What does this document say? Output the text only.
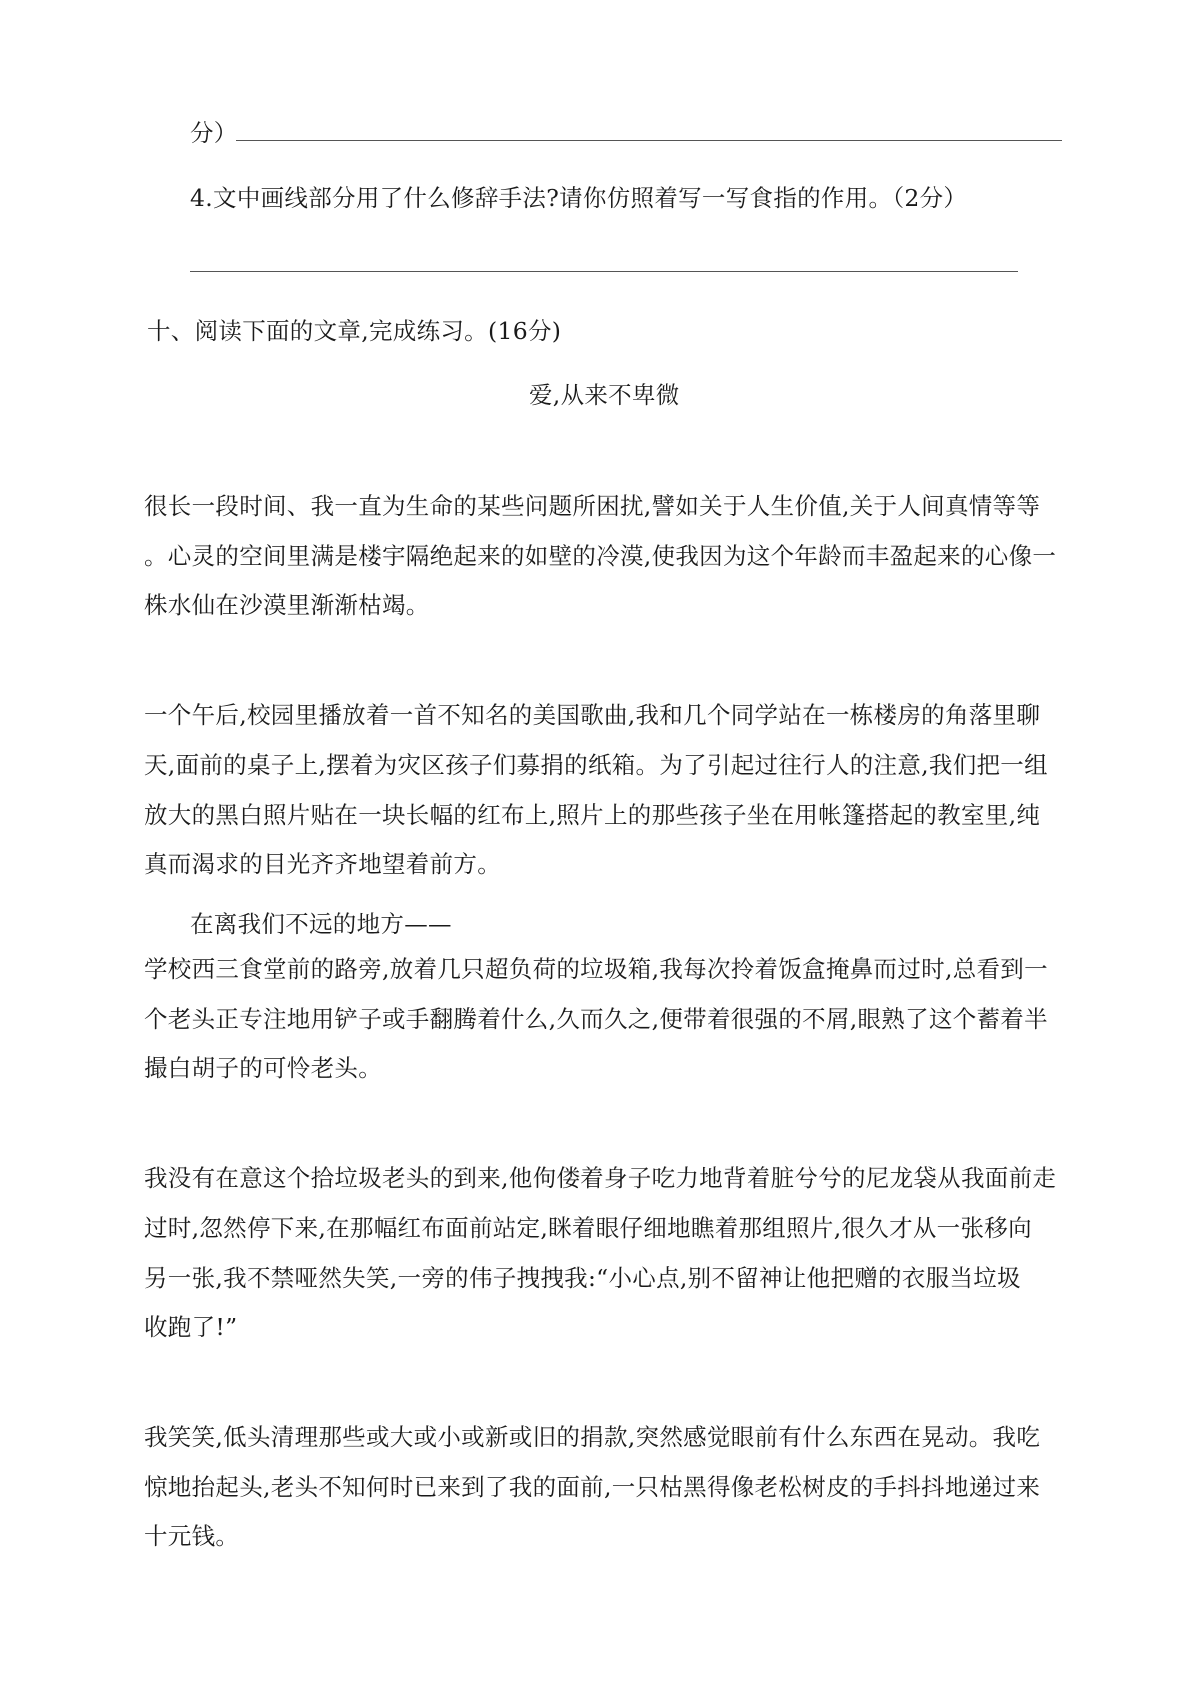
分）
4.文中画线部分用了什么修辞手法?请你仿照着写一写食指的作用。（2分）
十、阅读下面的文章,完成练习。(16分)
爱,从来不卑微
很长一段时间、我一直为生命的某些问题所困扰,譬如关于人生价值,关于人间真情等等
。心灵的空间里满是楼宇隔绝起来的如壁的冷漠,使我因为这个年龄而丰盈起来的心像一
株水仙在沙漠里渐渐枯竭。
一个午后,校园里播放着一首不知名的美国歌曲,我和几个同学站在一栋楼房的角落里聊
天,面前的桌子上,摆着为灾区孩子们募捐的纸箱。为了引起过往行人的注意,我们把一组
放大的黑白照片贴在一块长幅的红布上,照片上的那些孩子坐在用帐篷搭起的教室里,纯
真而渴求的目光齐齐地望着前方。
在离我们不远的地方——
学校西三食堂前的路旁,放着几只超负荷的垃圾箱,我每次拎着饭盒掩鼻而过时,总看到一
个老头正专注地用铲子或手翻腾着什么,久而久之,便带着很强的不屑,眼熟了这个蓄着半
撮白胡子的可怜老头。
我没有在意这个拾垃圾老头的到来,他佝偻着身子吃力地背着脏兮兮的尼龙袋从我面前走
过时,忽然停下来,在那幅红布面前站定,眯着眼仔细地瞧着那组照片,很久才从一张移向
另一张,我不禁哑然失笑,一旁的伟子拽拽我:“小心点,别不留神让他把赠的衣服当垃圾
收跑了!”
我笑笑,低头清理那些或大或小或新或旧的捐款,突然感觉眼前有什么东西在晃动。我吃
惊地抬起头,老头不知何时已来到了我的面前,一只枯黑得像老松树皮的手抖抖地递过来
十元钱。
